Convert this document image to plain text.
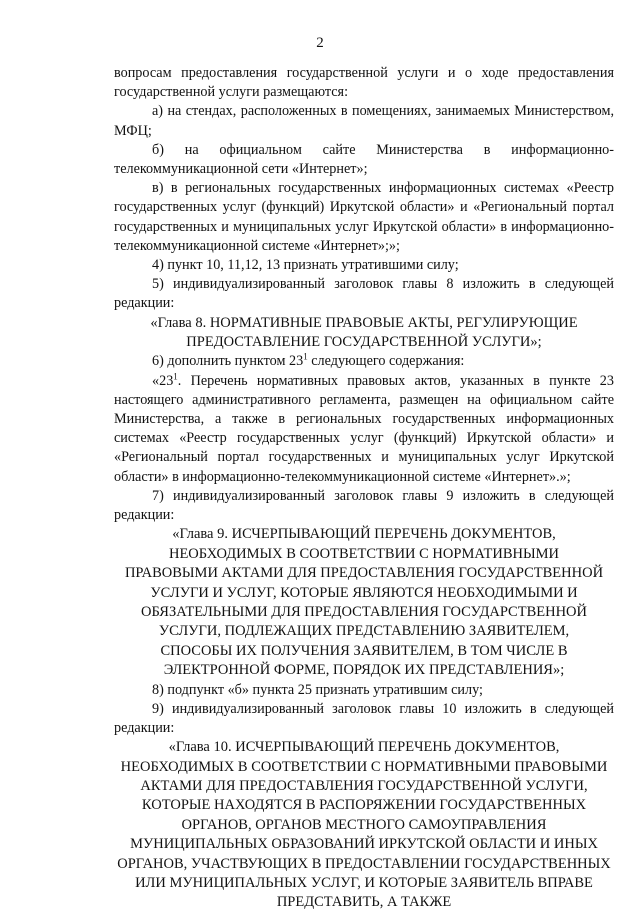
2

вопросам предоставления государственной услуги и о ходе предоставления государственной услуги размещаются:

а) на стендах, расположенных в помещениях, занимаемых Министерством, МФЦ;

б) на официальном сайте Министерства в информационно-телекоммуникационной сети «Интернет»;

в) в региональных государственных информационных системах «Реестр государственных услуг (функций) Иркутской области» и «Региональный портал государственных и муниципальных услуг Иркутской области» в информационно-телекоммуникационной системе «Интернет»;»;

4) пункт 10, 11,12, 13 признать утратившими силу;

5) индивидуализированный заголовок главы 8 изложить в следующей редакции:

«Глава 8. НОРМАТИВНЫЕ ПРАВОВЫЕ АКТЫ, РЕГУЛИРУЮЩИЕ ПРЕДОСТАВЛЕНИЕ ГОСУДАРСТВЕННОЙ УСЛУГИ»;

6) дополнить пунктом $23^1$ следующего содержания:

«$23^1$. Перечень нормативных правовых актов, указанных в пункте 23 настоящего административного регламента, размещен на официальном сайте Министерства, а также в региональных государственных информационных системах «Реестр государственных услуг (функций) Иркутской области» и «Региональный портал государственных и муниципальных услуг Иркутской области» в информационно-телекоммуникационной системе «Интернет».»;

7) индивидуализированный заголовок главы 9 изложить в следующей редакции:

«Глава 9. ИСЧЕРПЫВАЮЩИЙ ПЕРЕЧЕНЬ ДОКУМЕНТОВ, НЕОБХОДИМЫХ В СООТВЕТСТВИИ С НОРМАТИВНЫМИ ПРАВОВЫМИ АКТАМИ ДЛЯ ПРЕДОСТАВЛЕНИЯ ГОСУДАРСТВЕННОЙ УСЛУГИ И УСЛУГ, КОТОРЫЕ ЯВЛЯЮТСЯ НЕОБХОДИМЫМИ И ОБЯЗАТЕЛЬНЫМИ ДЛЯ ПРЕДОСТАВЛЕНИЯ ГОСУДАРСТВЕННОЙ УСЛУГИ, ПОДЛЕЖАЩИХ ПРЕДСТАВЛЕНИЮ ЗАЯВИТЕЛЕМ, СПОСОБЫ ИХ ПОЛУЧЕНИЯ ЗАЯВИТЕЛЕМ, В ТОМ ЧИСЛЕ В ЭЛЕКТРОННОЙ ФОРМЕ, ПОРЯДОК ИХ ПРЕДСТАВЛЕНИЯ»;

8) подпункт «б» пункта 25 признать утратившим силу;

9) индивидуализированный заголовок главы 10 изложить в следующей редакции:

«Глава 10. ИСЧЕРПЫВАЮЩИЙ ПЕРЕЧЕНЬ ДОКУМЕНТОВ, НЕОБХОДИМЫХ В СООТВЕТСТВИИ С НОРМАТИВНЫМИ ПРАВОВЫМИ АКТАМИ ДЛЯ ПРЕДОСТАВЛЕНИЯ ГОСУДАРСТВЕННОЙ УСЛУГИ, КОТОРЫЕ НАХОДЯТСЯ В РАСПОРЯЖЕНИИ ГОСУДАРСТВЕННЫХ ОРГАНОВ, ОРГАНОВ МЕСТНОГО САМОУПРАВЛЕНИЯ МУНИЦИПАЛЬНЫХ ОБРАЗОВАНИЙ ИРКУТСКОЙ ОБЛАСТИ И ИНЫХ ОРГАНОВ, УЧАСТВУЮЩИХ В ПРЕДОСТАВЛЕНИИ ГОСУДАРСТВЕННЫХ ИЛИ МУНИЦИПАЛЬНЫХ УСЛУГ, И КОТОРЫЕ ЗАЯВИТЕЛЬ ВПРАВЕ ПРЕДСТАВИТЬ, А ТАКЖЕ
